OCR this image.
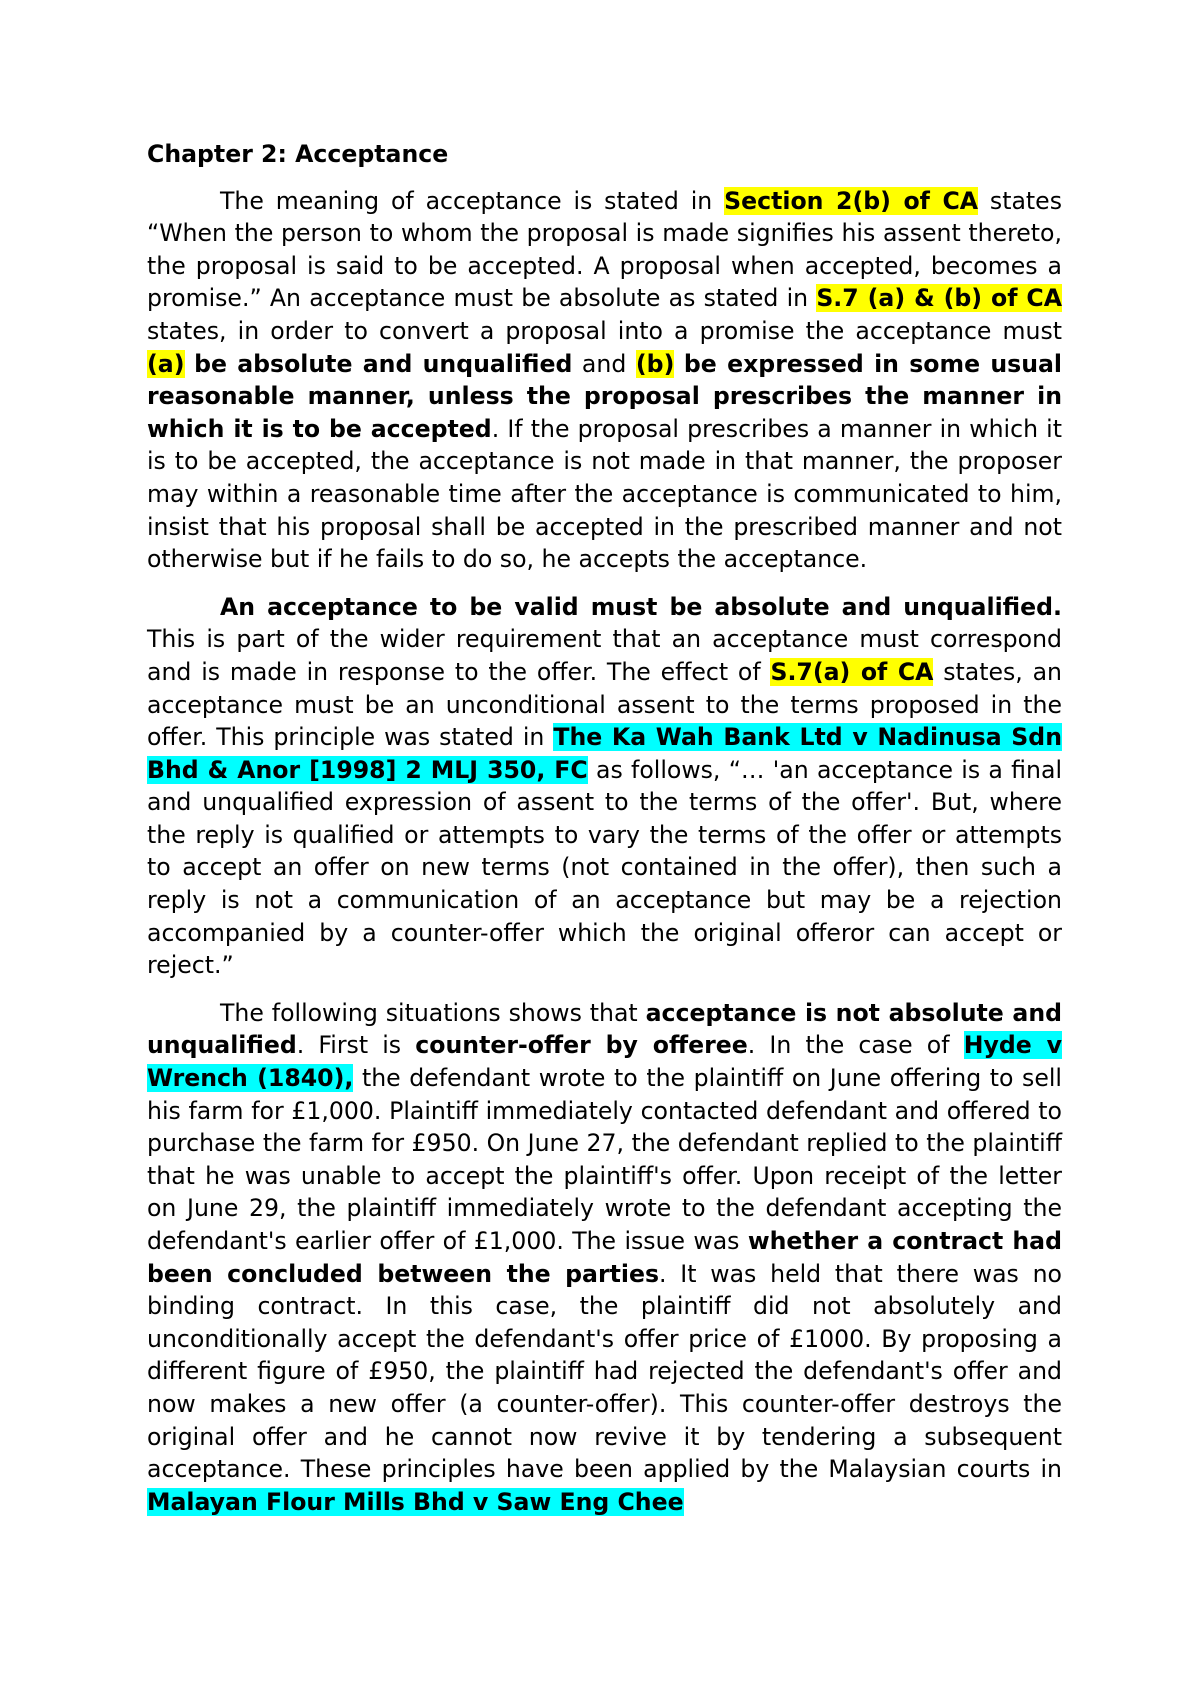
Chapter 2: Acceptance

The meaning of acceptance is stated in Section 2(b) of CA states “When the person to whom the proposal is made signifies his assent thereto, the proposal is said to be accepted. A proposal when accepted, becomes a promise.” An acceptance must be absolute as stated in S.7 (a) & (b) of CA states, in order to convert a proposal into a promise the acceptance must (a) be absolute and unqualified and (b) be expressed in some usual reasonable manner, unless the proposal prescribes the manner in which it is to be accepted. If the proposal prescribes a manner in which it is to be accepted, the acceptance is not made in that manner, the proposer may within a reasonable time after the acceptance is communicated to him, insist that his proposal shall be accepted in the prescribed manner and not otherwise but if he fails to do so, he accepts the acceptance.

An acceptance to be valid must be absolute and unqualified. This is part of the wider requirement that an acceptance must correspond and is made in response to the offer. The effect of S.7(a) of CA states, an acceptance must be an unconditional assent to the terms proposed in the offer. This principle was stated in The Ka Wah Bank Ltd v Nadinusa Sdn Bhd & Anor [1998] 2 MLJ 350, FC as follows, “… 'an acceptance is a final and unqualified expression of assent to the terms of the offer'. But, where the reply is qualified or attempts to vary the terms of the offer or attempts to accept an offer on new terms (not contained in the offer), then such a reply is not a communication of an acceptance but may be a rejection accompanied by a counter-offer which the original offeror can accept or reject.”

The following situations shows that acceptance is not absolute and unqualified. First is counter-offer by offeree. In the case of Hyde v Wrench (1840), the defendant wrote to the plaintiff on June offering to sell his farm for £1,000. Plaintiff immediately contacted defendant and offered to purchase the farm for £950. On June 27, the defendant replied to the plaintiff that he was unable to accept the plaintiff's offer. Upon receipt of the letter on June 29, the plaintiff immediately wrote to the defendant accepting the defendant's earlier offer of £1,000. The issue was whether a contract had been concluded between the parties. It was held that there was no binding contract. In this case, the plaintiff did not absolutely and unconditionally accept the defendant's offer price of £1000. By proposing a different figure of £950, the plaintiff had rejected the defendant's offer and now makes a new offer (a counter-offer). This counter-offer destroys the original offer and he cannot now revive it by tendering a subsequent acceptance. These principles have been applied by the Malaysian courts in Malayan Flour Mills Bhd v Saw Eng Chee
